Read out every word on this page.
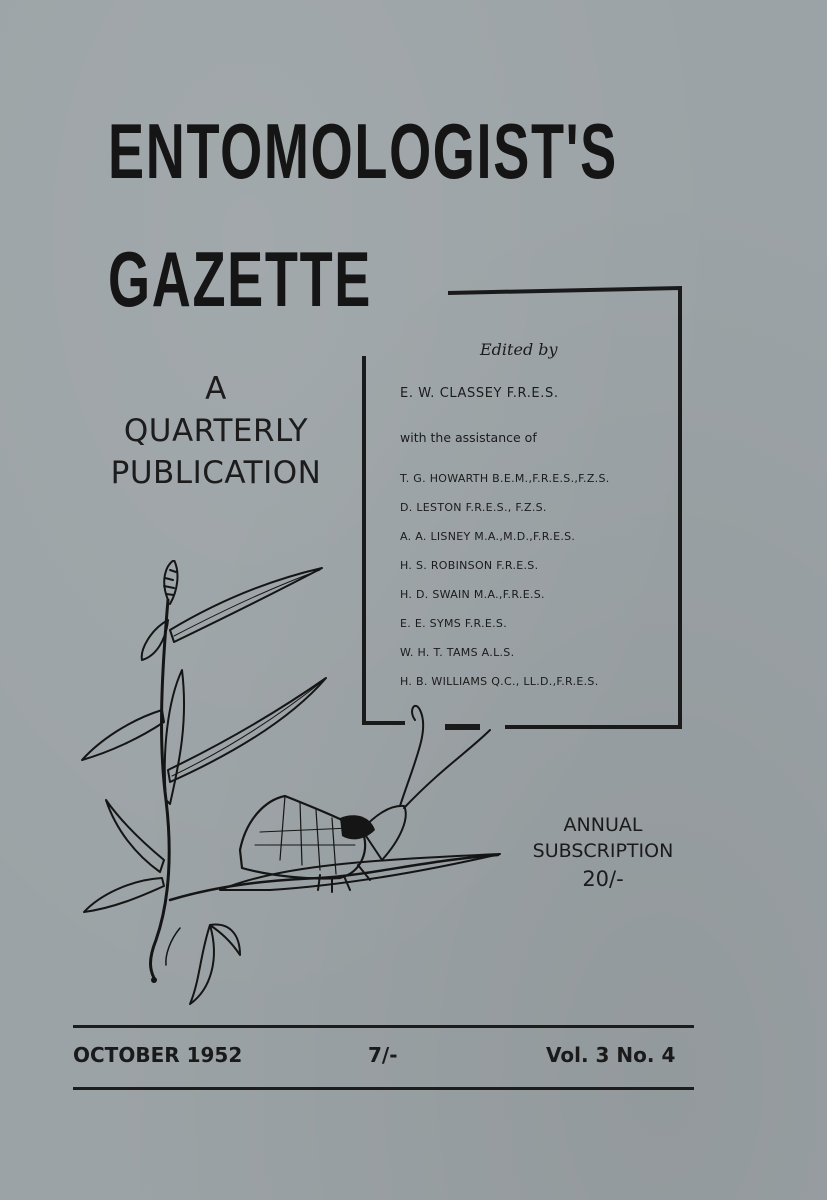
ENTOMOLOGIST'S
GAZETTE
A
QUARTERLY
PUBLICATION
Edited by
E. W. CLASSEY F.R.E.S.
with the assistance of
T. G. HOWARTH B.E.M.,F.R.E.S.,F.Z.S.
D. LESTON F.R.E.S., F.Z.S.
A. A. LISNEY M.A.,M.D.,F.R.E.S.
H. S. ROBINSON F.R.E.S.
H. D. SWAIN M.A.,F.R.E.S.
E. E. SYMS F.R.E.S.
W. H. T. TAMS A.L.S.
H. B. WILLIAMS Q.C., LL.D.,F.R.E.S.
ANNUAL
SUBSCRIPTION
20/-
OCTOBER 1952	7/-	Vol. 3 No. 4
